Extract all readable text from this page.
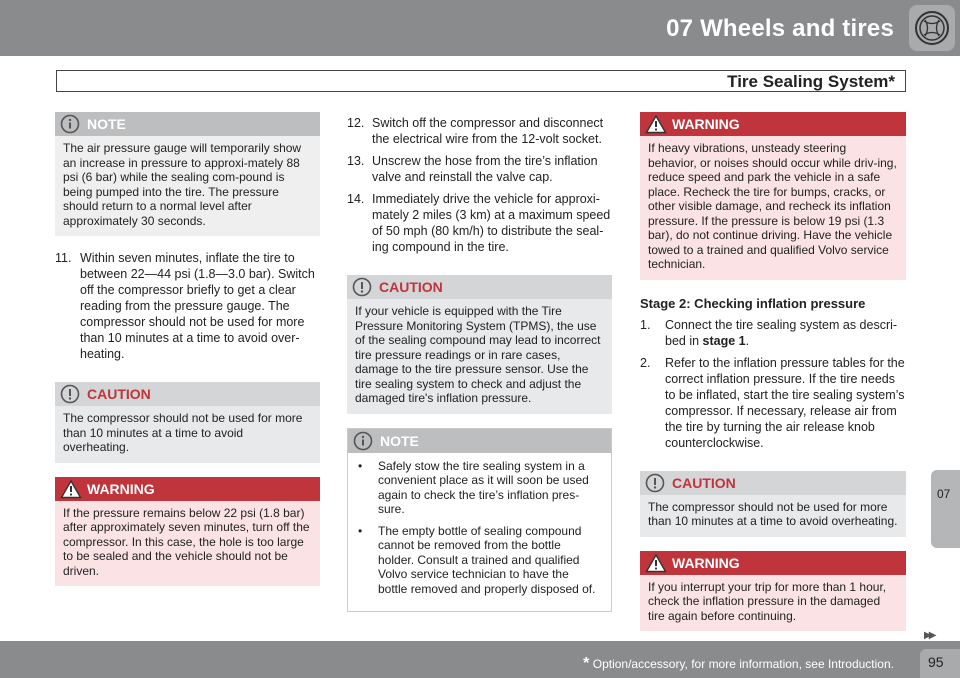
07 Wheels and tires
Tire Sealing System*
NOTE
The air pressure gauge will temporarily show an increase in pressure to approxi-mately 88 psi (6 bar) while the sealing com-pound is being pumped into the tire. The pressure should return to a normal level after approximately 30 seconds.
11. Within seven minutes, inflate the tire to between 22—44 psi (1.8—3.0 bar). Switch off the compressor briefly to get a clear reading from the pressure gauge. The compressor should not be used for more than 10 minutes at a time to avoid over-heating.
CAUTION
The compressor should not be used for more than 10 minutes at a time to avoid overheating.
WARNING
If the pressure remains below 22 psi (1.8 bar) after approximately seven minutes, turn off the compressor. In this case, the hole is too large to be sealed and the vehicle should not be driven.
12. Switch off the compressor and disconnect the electrical wire from the 12-volt socket.
13. Unscrew the hose from the tire’s inflation valve and reinstall the valve cap.
14. Immediately drive the vehicle for approxi-mately 2 miles (3 km) at a maximum speed of 50 mph (80 km/h) to distribute the seal-ing compound in the tire.
CAUTION
If your vehicle is equipped with the Tire Pressure Monitoring System (TPMS), the use of the sealing compound may lead to incorrect tire pressure readings or in rare cases, damage to the tire pressure sensor. Use the tire sealing system to check and adjust the damaged tire's inflation pressure.
NOTE
•	Safely stow the tire sealing system in a convenient place as it will soon be used again to check the tire’s inflation pres-sure.
•	The empty bottle of sealing compound cannot be removed from the bottle holder. Consult a trained and qualified Volvo service technician to have the bottle removed and properly disposed of.
WARNING
If heavy vibrations, unsteady steering behavior, or noises should occur while driv-ing, reduce speed and park the vehicle in a safe place. Recheck the tire for bumps, cracks, or other visible damage, and recheck its inflation pressure. If the pressure is below 19 psi (1.3 bar), do not continue driving. Have the vehicle towed to a trained and qualified Volvo service technician.
Stage 2: Checking inflation pressure
1.	Connect the tire sealing system as descri-bed in stage 1.
2.	Refer to the inflation pressure tables for the correct inflation pressure. If the tire needs to be inflated, start the tire sealing system’s compressor. If necessary, release air from the tire by turning the air release knob counterclockwise.
CAUTION
The compressor should not be used for more than 10 minutes at a time to avoid overheating.
WARNING
If you interrupt your trip for more than 1 hour, check the inflation pressure in the damaged tire again before continuing.
07
▶▶
* Option/accessory, for more information, see Introduction. 95
